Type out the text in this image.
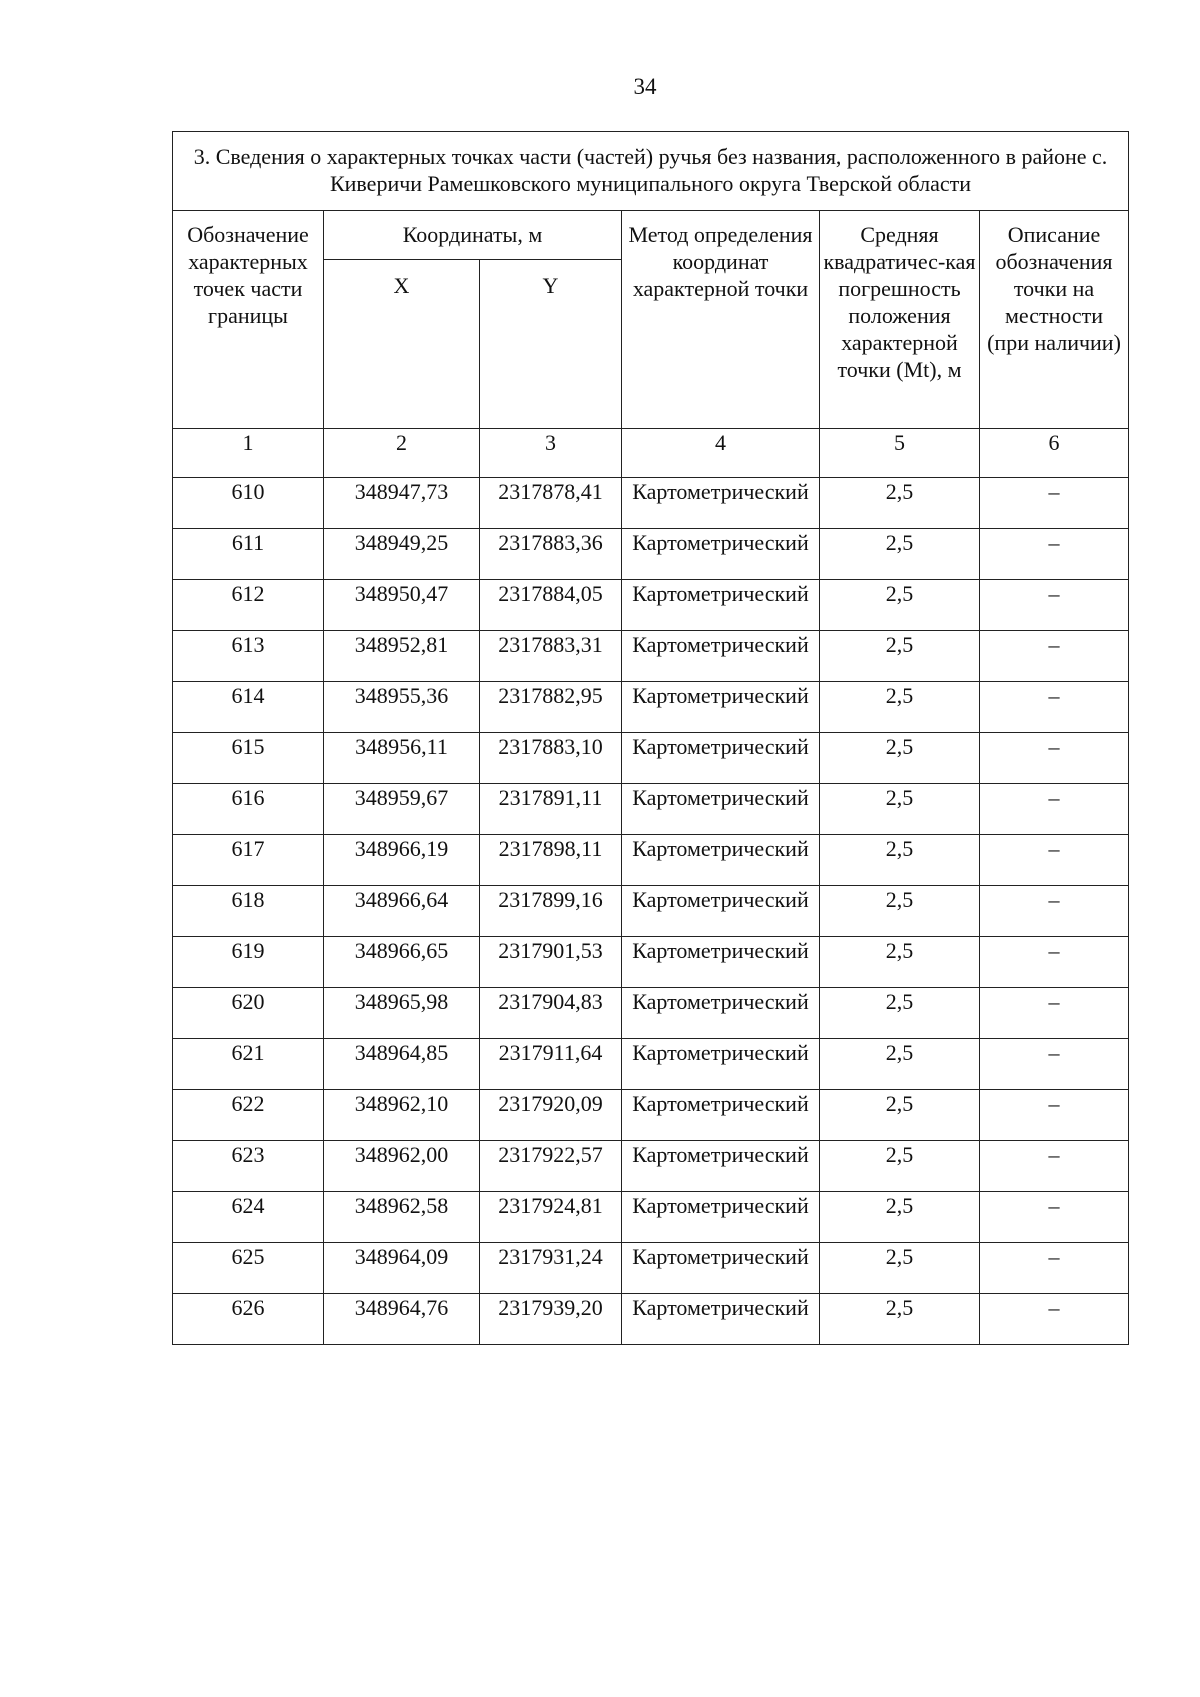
34
3. Сведения о характерных точках части (частей) ручья без названия, расположенного в районе с. Киверичи Рамешковского муниципального округа Тверской области					
Обозначение характерных точек части границы	Координаты, м		Метод определения координат характерной точки	Средняя квадратичес-кая погрешность положения характерной точки (Mt), м	Описание обозначения точки на местности (при наличии)
	X	Y			
1	2	3	4	5	6
610	348947,73	2317878,41	Картометрический	2,5	–
611	348949,25	2317883,36	Картометрический	2,5	–
612	348950,47	2317884,05	Картометрический	2,5	–
613	348952,81	2317883,31	Картометрический	2,5	–
614	348955,36	2317882,95	Картометрический	2,5	–
615	348956,11	2317883,10	Картометрический	2,5	–
616	348959,67	2317891,11	Картометрический	2,5	–
617	348966,19	2317898,11	Картометрический	2,5	–
618	348966,64	2317899,16	Картометрический	2,5	–
619	348966,65	2317901,53	Картометрический	2,5	–
620	348965,98	2317904,83	Картометрический	2,5	–
621	348964,85	2317911,64	Картометрический	2,5	–
622	348962,10	2317920,09	Картометрический	2,5	–
623	348962,00	2317922,57	Картометрический	2,5	–
624	348962,58	2317924,81	Картометрический	2,5	–
625	348964,09	2317931,24	Картометрический	2,5	–
626	348964,76	2317939,20	Картометрический	2,5	–
